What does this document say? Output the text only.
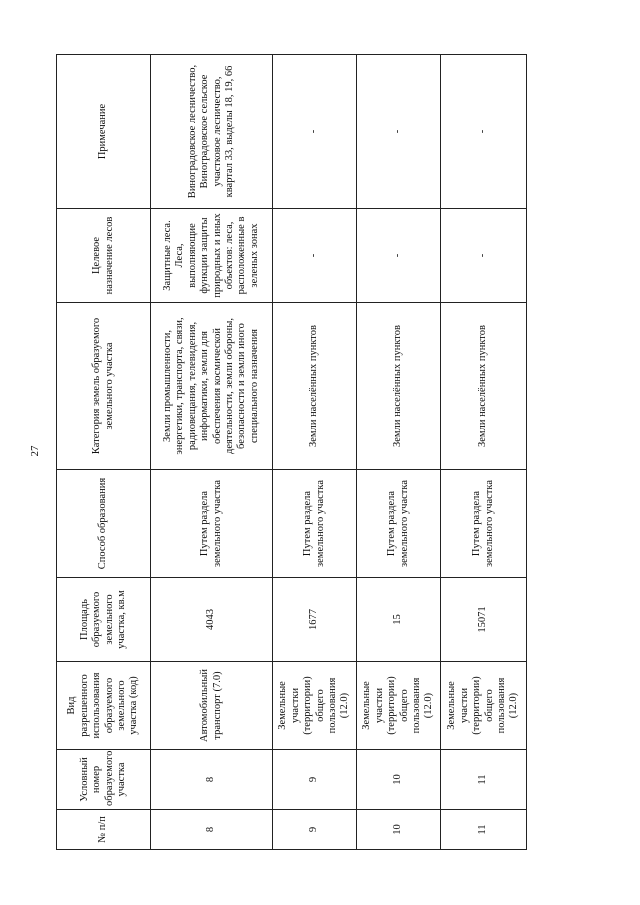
27
№ п/п	Условный номер образуемого участка	Вид разрешенного использования образуемого земельного участка (код)	Площадь образуемого земельного участка, кв.м	Способ образования	Категория земель образуемого земельного участка	Целевое назначение лесов	Примечание
8	8	Автомобильный транспорт (7.0)	4043	Путем раздела земельного участка	Земли промышленности, энергетики, транспорта, связи, радиовещания, телевидения, информатики, земли для обеспечения космической деятельности, земли обороны, безопасности и земли иного специального назначения	Защитные леса. Леса, выполняющие функции защиты природных и иных объектов: леса, расположенные в зеленых зонах	Виноградовское лесничество, Виноградовское сельское участковое лесничество, квартал 33, выделы 18, 19, 66
9	9	Земельные участки (территории) общего пользования (12.0)	1677	Путем раздела земельного участка	Земли населённых пунктов	-	-
10	10	Земельные участки (территории) общего пользования (12.0)	15	Путем раздела земельного участка	Земли населённых пунктов	-	-
11	11	Земельные участки (территории) общего пользования (12.0)	15071	Путем раздела земельного участка	Земли населённых пунктов	-	-
